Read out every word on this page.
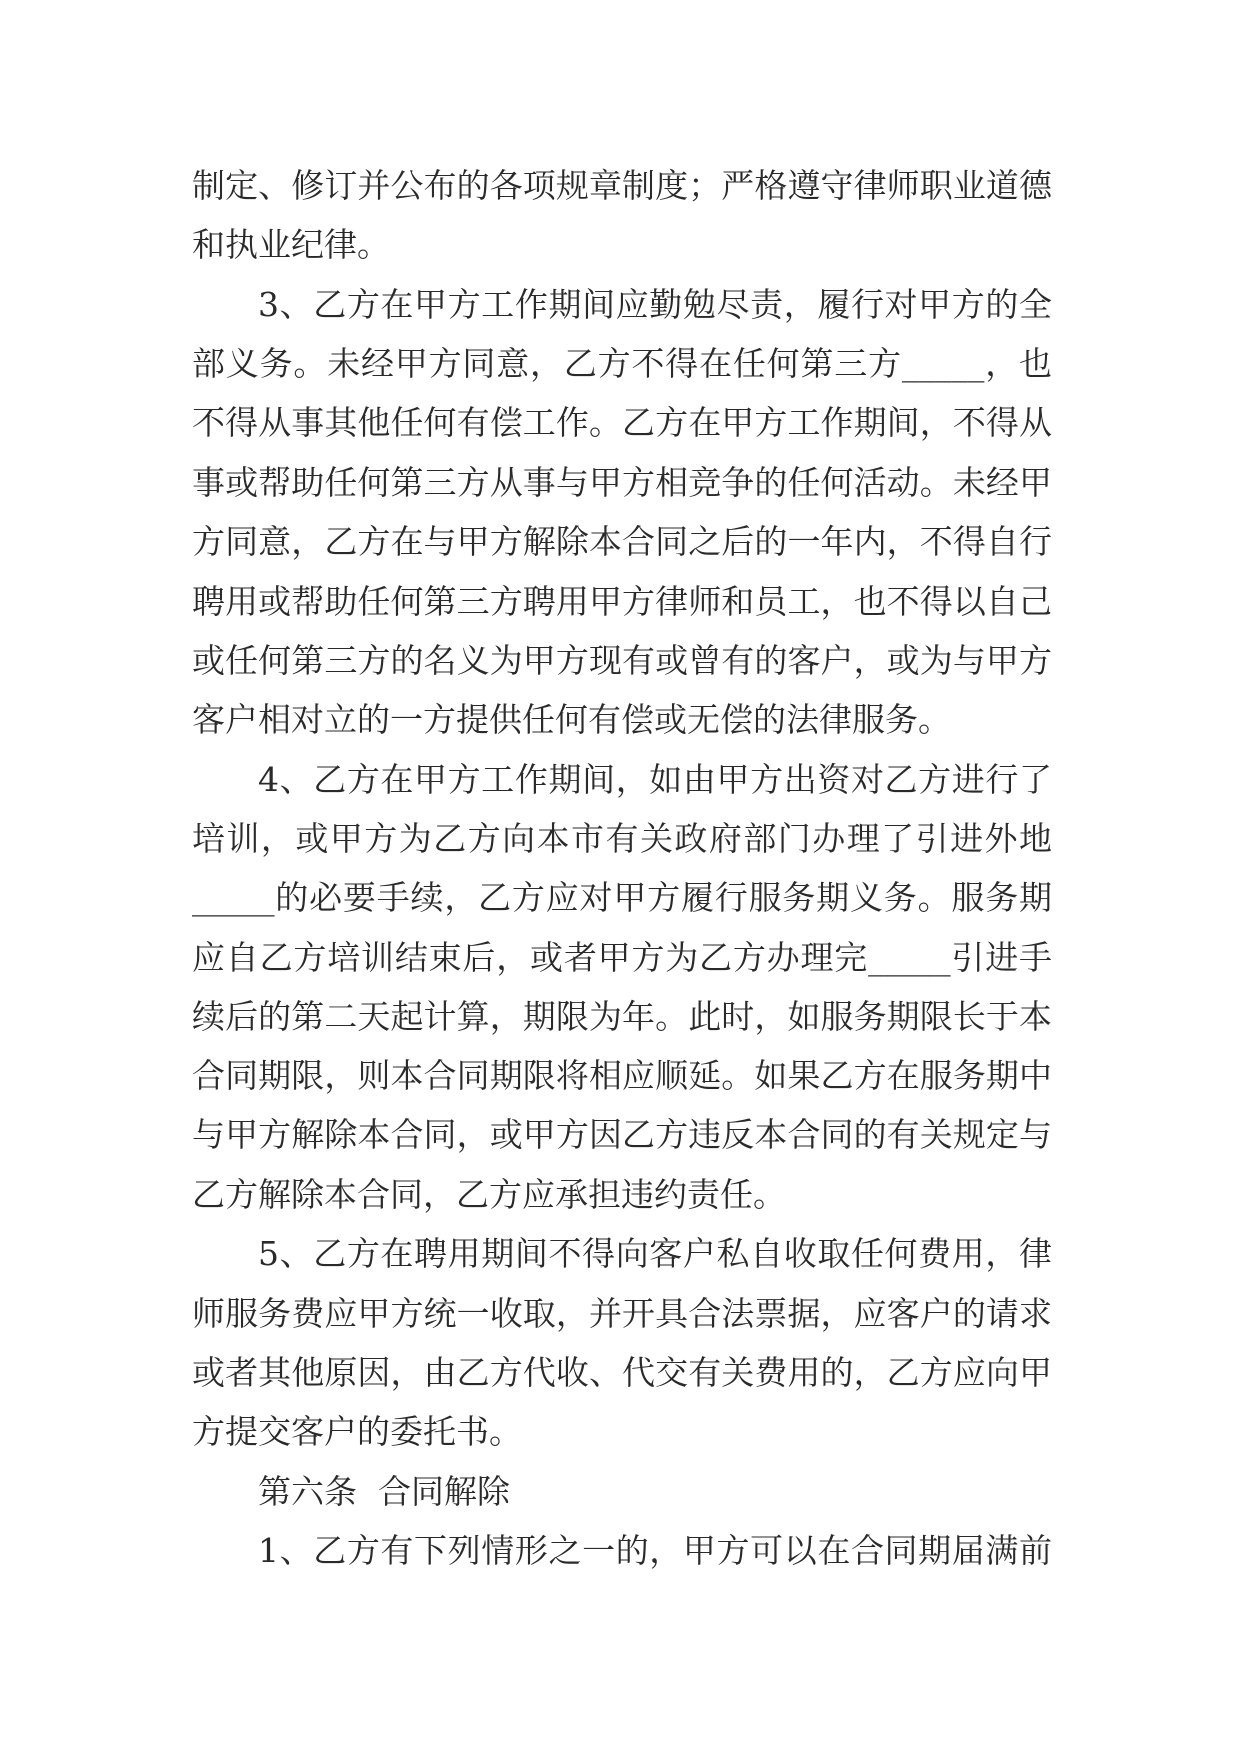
制定、修订并公布的各项规章制度；严格遵守律师职业道德
和执业纪律。
3、乙方在甲方工作期间应勤勉尽责，履行对甲方的全
部义务。未经甲方同意，乙方不得在任何第三方_____，也
不得从事其他任何有偿工作。乙方在甲方工作期间，不得从
事或帮助任何第三方从事与甲方相竞争的任何活动。未经甲
方同意，乙方在与甲方解除本合同之后的一年内，不得自行
聘用或帮助任何第三方聘用甲方律师和员工，也不得以自己
或任何第三方的名义为甲方现有或曾有的客户，或为与甲方
客户相对立的一方提供任何有偿或无偿的法律服务。
4、乙方在甲方工作期间，如由甲方出资对乙方进行了
培训，或甲方为乙方向本市有关政府部门办理了引进外地
_____的必要手续，乙方应对甲方履行服务期义务。服务期
应自乙方培训结束后，或者甲方为乙方办理完_____引进手
续后的第二天起计算，期限为年。此时，如服务期限长于本
合同期限，则本合同期限将相应顺延。如果乙方在服务期中
与甲方解除本合同，或甲方因乙方违反本合同的有关规定与
乙方解除本合同，乙方应承担违约责任。
5、乙方在聘用期间不得向客户私自收取任何费用，律
师服务费应甲方统一收取，并开具合法票据，应客户的请求
或者其他原因，由乙方代收、代交有关费用的，乙方应向甲
方提交客户的委托书。
第六条  合同解除
1、乙方有下列情形之一的，甲方可以在合同期届满前
